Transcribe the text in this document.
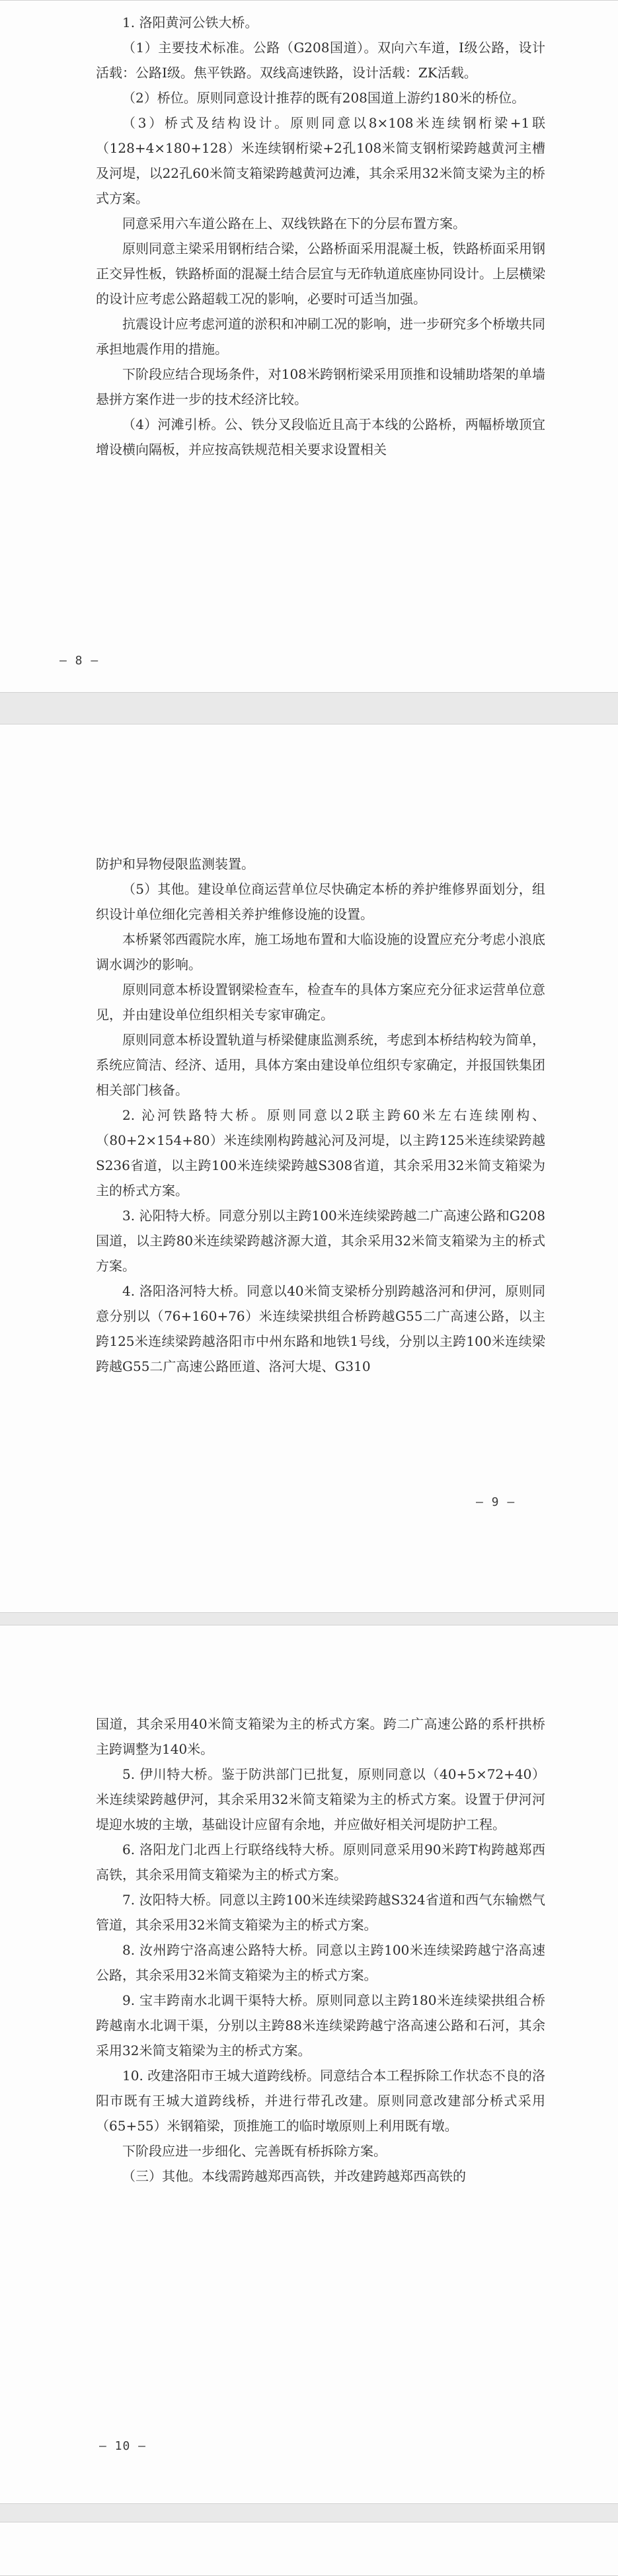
1. 洛阳黄河公铁大桥。

（1）主要技术标准。公路（G208国道）。双向六车道，Ⅰ级公路，设计活载：公路Ⅰ级。焦平铁路。双线高速铁路，设计活载：ZK活载。

（2）桥位。原则同意设计推荐的既有208国道上游约180米的桥位。

（3）桥式及结构设计。原则同意以8×108米连续钢桁梁+1联（128+4×180+128）米连续钢桁梁+2孔108米简支钢桁梁跨越黄河主槽及河堤，以22孔60米简支箱梁跨越黄河边滩，其余采用32米简支梁为主的桥式方案。

同意采用六车道公路在上、双线铁路在下的分层布置方案。

原则同意主梁采用钢桁结合梁，公路桥面采用混凝土板，铁路桥面采用钢正交异性板，铁路桥面的混凝土结合层宜与无砟轨道底座协同设计。上层横梁的设计应考虑公路超载工况的影响，必要时可适当加强。

抗震设计应考虑河道的淤积和冲刷工况的影响，进一步研究多个桥墩共同承担地震作用的措施。

下阶段应结合现场条件，对108米跨钢桁梁采用顶推和设辅助塔架的单墙悬拼方案作进一步的技术经济比较。

（4）河滩引桥。公、铁分叉段临近且高于本线的公路桥，两幅桥墩顶宜增设横向隔板，并应按高铁规范相关要求设置相关

— 8 —

防护和异物侵限监测装置。

（5）其他。建设单位商运营单位尽快确定本桥的养护维修界面划分，组织设计单位细化完善相关养护维修设施的设置。

本桥紧邻西霞院水库，施工场地布置和大临设施的设置应充分考虑小浪底调水调沙的影响。

原则同意本桥设置钢梁检查车，检查车的具体方案应充分征求运营单位意见，并由建设单位组织相关专家审确定。

原则同意本桥设置轨道与桥梁健康监测系统，考虑到本桥结构较为简单，系统应简洁、经济、适用，具体方案由建设单位组织专家确定，并报国铁集团相关部门核备。

2. 沁河铁路特大桥。原则同意以2联主跨60米左右连续刚构、（80+2×154+80）米连续刚构跨越沁河及河堤，以主跨125米连续梁跨越S236省道，以主跨100米连续梁跨越S308省道，其余采用32米简支箱梁为主的桥式方案。

3. 沁阳特大桥。同意分别以主跨100米连续梁跨越二广高速公路和G208国道，以主跨80米连续梁跨越济源大道，其余采用32米简支箱梁为主的桥式方案。

4. 洛阳洛河特大桥。同意以40米简支梁桥分别跨越洛河和伊河，原则同意分别以（76+160+76）米连续梁拱组合桥跨越G55二广高速公路，以主跨125米连续梁跨越洛阳市中州东路和地铁1号线，分别以主跨100米连续梁跨越G55二广高速公路匝道、洛河大堤、G310

— 9 —

国道，其余采用40米简支箱梁为主的桥式方案。跨二广高速公路的系杆拱桥主跨调整为140米。

5. 伊川特大桥。鉴于防洪部门已批复，原则同意以（40+5×72+40）米连续梁跨越伊河，其余采用32米简支箱梁为主的桥式方案。设置于伊河河堤迎水坡的主墩，基础设计应留有余地，并应做好相关河堤防护工程。

6. 洛阳龙门北西上行联络线特大桥。原则同意采用90米跨T构跨越郑西高铁，其余采用简支箱梁为主的桥式方案。

7. 汝阳特大桥。同意以主跨100米连续梁跨越S324省道和西气东输燃气管道，其余采用32米简支箱梁为主的桥式方案。

8. 汝州跨宁洛高速公路特大桥。同意以主跨100米连续梁跨越宁洛高速公路，其余采用32米简支箱梁为主的桥式方案。

9. 宝丰跨南水北调干渠特大桥。原则同意以主跨180米连续梁拱组合桥跨越南水北调干渠，分别以主跨88米连续梁跨越宁洛高速公路和石河，其余采用32米简支箱梁为主的桥式方案。

10. 改建洛阳市王城大道跨线桥。同意结合本工程拆除工作状态不良的洛阳市既有王城大道跨线桥，并进行带孔改建。原则同意改建部分桥式采用（65+55）米钢箱梁，顶推施工的临时墩原则上利用既有墩。

下阶段应进一步细化、完善既有桥拆除方案。

（三）其他。本线需跨越郑西高铁，并改建跨越郑西高铁的

— 10 —
